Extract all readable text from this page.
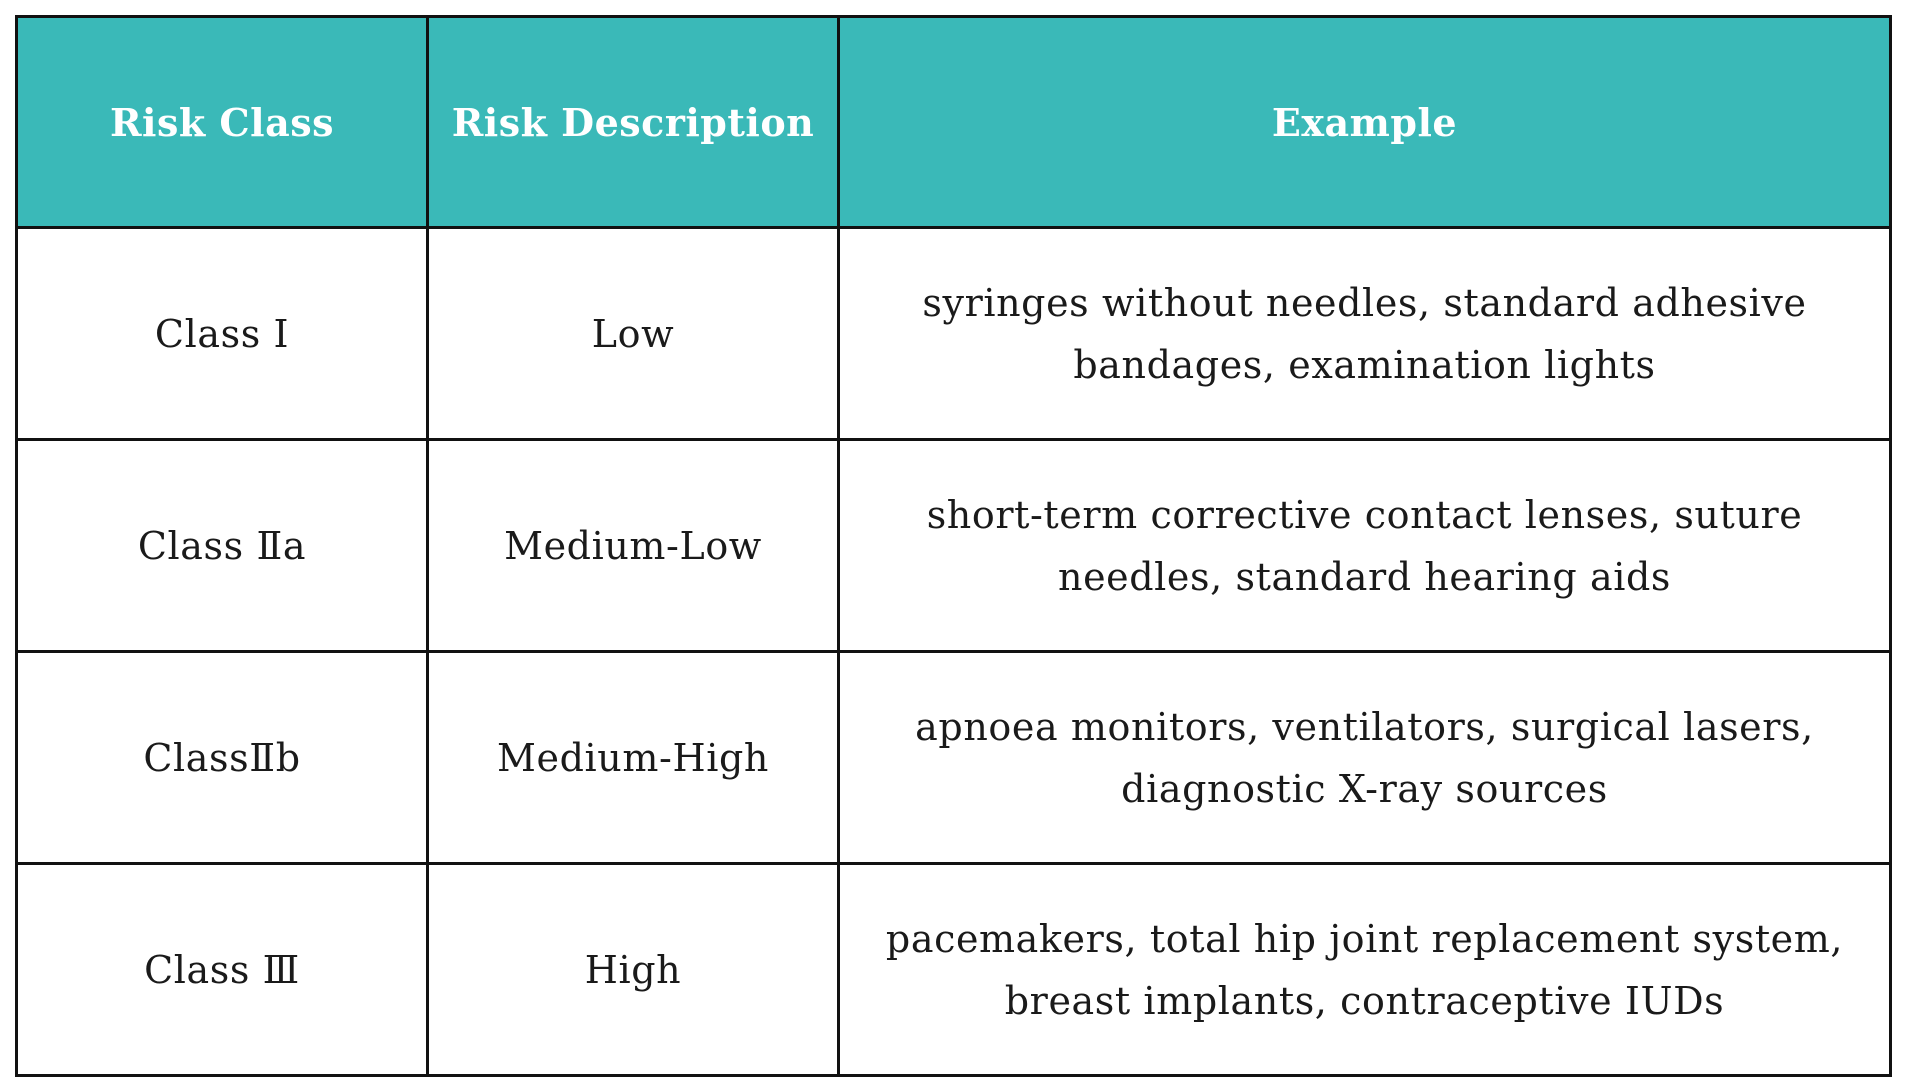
Risk Class	Risk Description	Example
Class Ⅰ	Low	syringes without needles, standard adhesive bandages, examination lights
Class Ⅱa	Medium-Low	short-term corrective contact lenses, suture needles, standard hearing aids
ClassⅡb	Medium-High	apnoea monitors, ventilators, surgical lasers, diagnostic X-ray sources
Class Ⅲ	High	pacemakers, total hip joint replacement system, breast implants, contraceptive IUDs
